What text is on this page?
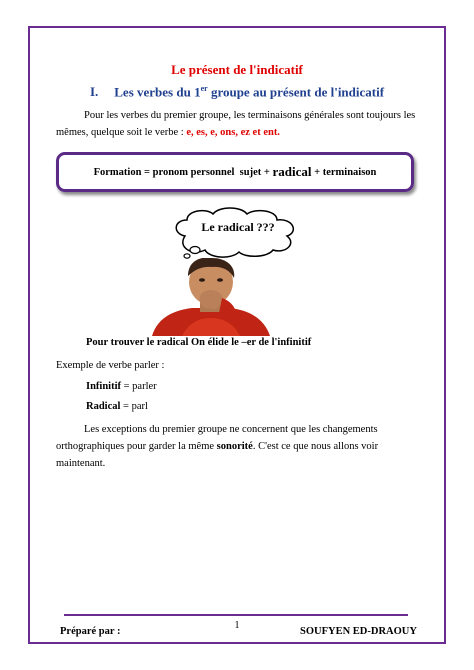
Le présent de l'indicatif
I. Les verbes du 1er groupe au présent de l'indicatif
Pour les verbes du premier groupe, les terminaisons générales sont toujours les mêmes, quelque soit le verbe : e, es, e, ons, ez et ent.
Formation = pronom personnel  sujet + radical + terminaison
Le radical ???
Pour trouver le radical On élide le –er de l'infinitif
Exemple de verbe parler :
Infinitif = parler
Radical = parl
Les exceptions du premier groupe ne concernent que les changements orthographiques pour garder la même sonorité. C'est ce que nous allons voir maintenant.
Préparé par :
1
SOUFYEN ED-DRAOUY
